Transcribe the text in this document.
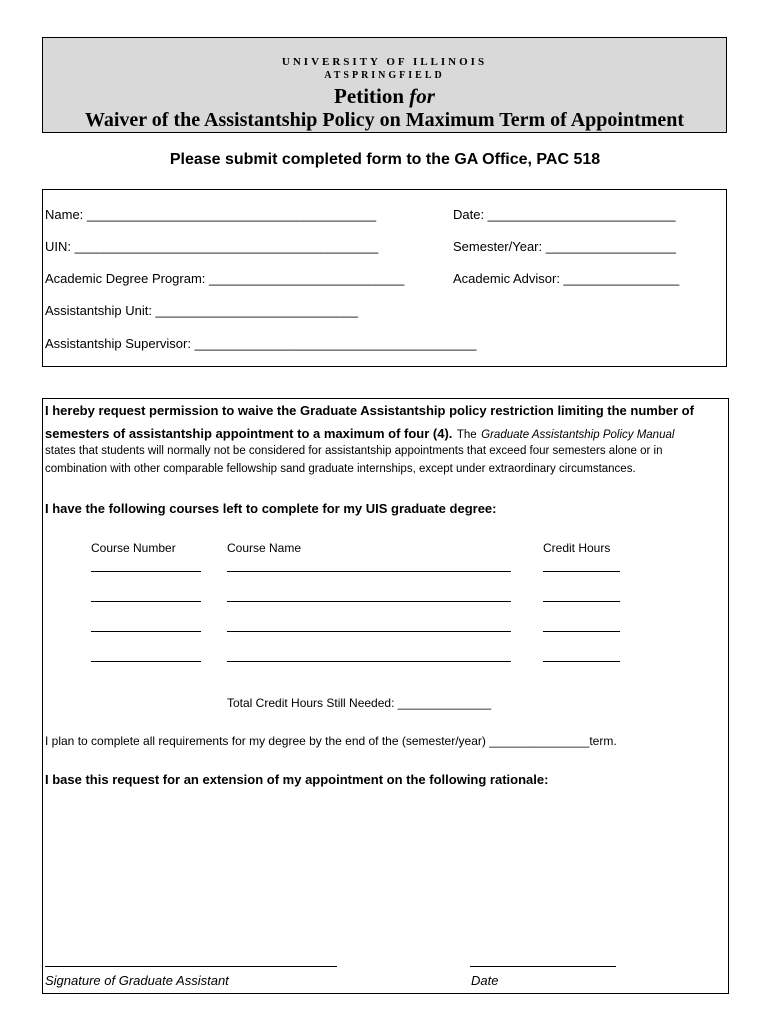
UNIVERSITY OF ILLINOIS
ATSPRINGFIELD
Petition for
Waiver of the Assistantship Policy on Maximum Term of Appointment
Please submit completed form to the GA Office, PAC 518
Name: ________________________________________	Date: __________________________
UIN: __________________________________________	Semester/Year: __________________
Academic Degree Program: ___________________________	Academic Advisor: ________________
Assistantship Unit: ____________________________
Assistantship Supervisor: _______________________________________
I hereby request permission to waive the Graduate Assistantship policy restriction limiting the number of
semesters of assistantship appointment to a maximum of four (4). The Graduate Assistantship Policy Manual
states that students will normally not be considered for assistantship appointments that exceed four semesters alone or in
combination with other comparable fellowship sand graduate internships, except under extraordinary circumstances.
I have the following courses left to complete for my UIS graduate degree:
Course Number	Course Name	Credit Hours
Total Credit Hours Still Needed: ______________
I plan to complete all requirements for my degree by the end of the (semester/year) _______________term.
I base this request for an extension of my appointment on the following rationale:
Signature of Graduate Assistant	Date
